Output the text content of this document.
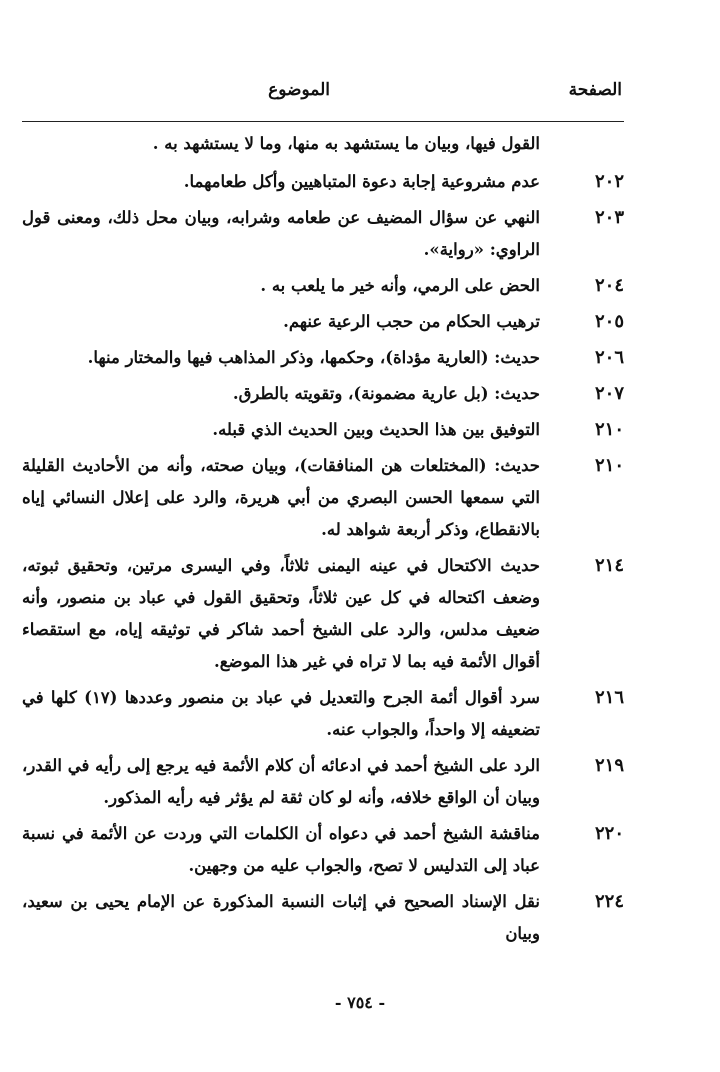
الصفحة
الموضوع
القول فيها، وبيان ما يستشهد به منها، وما لا يستشهد به .
٢٠٢
عدم مشروعية إجابة دعوة المتباهيين وأكل طعامهما.
٢٠٣
النهي عن سؤال المضيف عن طعامه وشرابه، وبيان محل ذلك، ومعنى قول الراوي: «رواية».
٢٠٤
الحض على الرمي، وأنه خير ما يلعب به .
٢٠٥
ترهيب الحكام من حجب الرعية عنهم.
٢٠٦
حديث: (العارية مؤداة)، وحكمها، وذكر المذاهب فيها والمختار منها.
٢٠٧
حديث: (بل عارية مضمونة)، وتقويته بالطرق.
٢١٠
التوفيق بين هذا الحديث وبين الحديث الذي قبله.
٢١٠
حديث: (المختلعات هن المنافقات)، وبيان صحته، وأنه من الأحاديث القليلة التي سمعها الحسن البصري من أبي هريرة، والرد على إعلال النسائي إياه بالانقطاع، وذكر أربعة شواهد له.
٢١٤
حديث الاكتحال في عينه اليمنى ثلاثاً، وفي اليسرى مرتين، وتحقيق ثبوته، وضعف اكتحاله في كل عين ثلاثاً، وتحقيق القول في عباد بن منصور، وأنه ضعيف مدلس، والرد على الشيخ أحمد شاكر في توثيقه إياه، مع استقصاء أقوال الأئمة فيه بما لا تراه في غير هذا الموضع.
٢١٦
سرد أقوال أئمة الجرح والتعديل في عباد بن منصور وعددها (١٧) كلها في تضعيفه إلا واحداً، والجواب عنه.
٢١٩
الرد على الشيخ أحمد في ادعائه أن كلام الأئمة فيه يرجع إلى رأيه في القدر، وبيان أن الواقع خلافه، وأنه لو كان ثقة لم يؤثر فيه رأيه المذكور.
٢٢٠
مناقشة الشيخ أحمد في دعواه أن الكلمات التي وردت عن الأئمة في نسبة عباد إلى التدليس لا تصح، والجواب عليه من وجهين.
٢٢٤
نقل الإسناد الصحيح في إثبات النسبة المذكورة عن الإمام يحيى بن سعيد، وبيان
- ٧٥٤ -
